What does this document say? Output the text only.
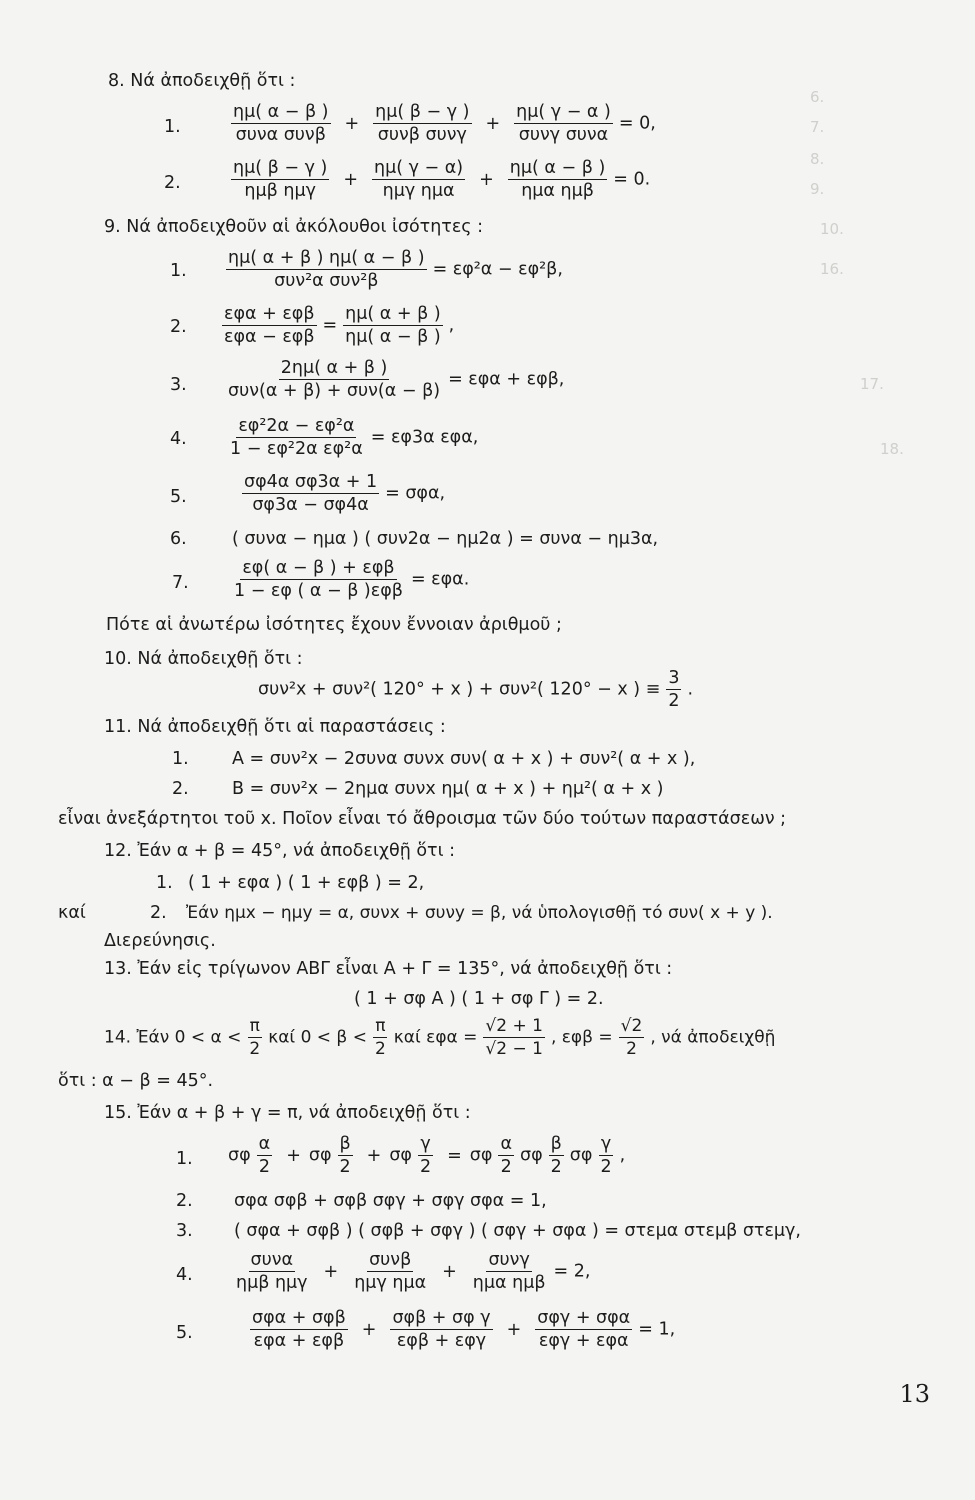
6.
7.
8.
9.
10.
16.
17.
18.
8. Νά ἀποδειχθῇ ὅτι :
1.	$\frac{\eta\mu( \alpha - \beta )}{\text{συνα συνβ}} + \frac{\eta\mu( \beta - \gamma )}{\text{συνβ συνγ}} + \frac{\eta\mu( \gamma - \alpha )}{\text{συνγ συνα}} = 0$,
2.	$\frac{\eta\mu( \beta - \gamma )}{\text{ημβ ημγ}} + \frac{\eta\mu( \gamma - \alpha)}{\text{ημγ ημα}} + \frac{\eta\mu( \alpha - \beta )}{\text{ημα ημβ}} = 0$.
9. Νά ἀποδειχθοῦν αἱ ἀκόλουθοι ἰσότητες :
1. $\frac{\eta\mu( \alpha + \beta ) \eta\mu( \alpha - \beta )}{\text{συν²α συν²β}} = \varepsilon\varphi^2\alpha - \varepsilon\varphi^2\beta$,
2. $\frac{\text{εφα + εφβ}}{\text{εφα − εφβ}} = \frac{\eta\mu( \alpha + \beta )}{\eta\mu( \alpha - \beta )}$ ,
3. $\frac{2\eta\mu( \alpha + \beta )}{\text{συν(α + β) + συν(α − β)}} = \varepsilon\varphi\alpha + \varepsilon\varphi\beta$,
4. $\frac{\text{εφ²2α − εφ²α}}{\text{1 − εφ²2α εφ²α}} = \varepsilon\varphi 3\alpha$ εφα,
5.	$\frac{\text{σφ4α σφ3α + 1}}{\sigma\varphi 3\alpha - \sigma\varphi 4\alpha} = \sigma\varphi\alpha$,
6.	( συνα − ημα ) ( συν2α − ημ2α ) = συνα − ημ3α,
7. $\frac{\text{εφ( α − β ) + εφβ}}{\text{1 − εφ ( α − β )εφβ}} = \varepsilon\varphi\alpha$.
Πότε αἱ ἀνωτέρω ἰσότητες ἔχουν ἔννοιαν ἀριθμοῦ ;
10. Νά ἀποδειχθῇ ὅτι :
συν²x + συν²( 120° + x ) + συν²( 120° − x ) ≡ $\frac{3}{2}$ .
11. Νά ἀποδειχθῇ ὅτι αἱ παραστάσεις :
1. Α = συν²x − 2συνα συνx συν( α + x ) + συν²( α + x ),
2. Β = συν²x − 2ημα συνx ημ( α + x ) + ημ²( α + x )
εἶναι ἀνεξάρτητοι τοῦ x. Ποῖον εἶναι τό ἄθροισμα τῶν δύο τούτων παραστάσεων ;
12. Ἐάν α + β = 45°, νά ἀποδειχθῇ ὅτι :
1. ( 1 + εφα ) ( 1 + εφβ ) = 2,
καί	2. Ἐάν ημx − ημy = α, συνx + συνy = β, νά ὑπολογισθῇ τό συν( x + y ).
Διερεύνησις.
13. Ἐάν εἰς τρίγωνον ΑΒΓ εἶναι Α + Γ = 135°, νά ἀποδειχθῇ ὅτι :
( 1 + σφ Α ) ( 1 + σφ Γ ) = 2.
14. Ἐάν $0 < \alpha < \frac{\pi}{2}$ καί $0 < \beta < \frac{\pi}{2}$ καί $\varepsilon\varphi\alpha = \frac{√2 + 1}{√2 - 1}$ , $\varepsilon\varphi\beta = \frac{√2}{2}$ , νά ἀποδειχθῇ
ὅτι : α − β = 45°.
15. Ἐάν α + β + γ = π, νά ἀποδειχθῇ ὅτι :
1. σφ $\frac{\alpha}{2} + \sigma\varphi \frac{\beta}{2} + \sigma\varphi \frac{\gamma}{2} = \sigma\varphi \frac{\alpha}{2}$ σφ $\frac{\beta}{2}$ σφ $\frac{\gamma}{2}$ ,
2. σφα σφβ + σφβ σφγ + σφγ σφα = 1,
3. ( σφα + σφβ ) ( σφβ + σφγ ) ( σφγ + σφα ) = στεμα στεμβ στεμγ,
4. $\frac{\text{συνα}}{\text{ημβ ημγ}} + \frac{\text{συνβ}}{\text{ημγ ημα}} + \frac{\text{συνγ}}{\text{ημα ημβ}} = 2$,
5.	$\frac{\text{σφα + σφβ}}{\text{εφα + εφβ}} + \frac{\text{σφβ + σφ γ}}{\text{εφβ + εφγ}} + \frac{\text{σφγ + σφα}}{\text{εφγ + εφα}} = 1$,
13
